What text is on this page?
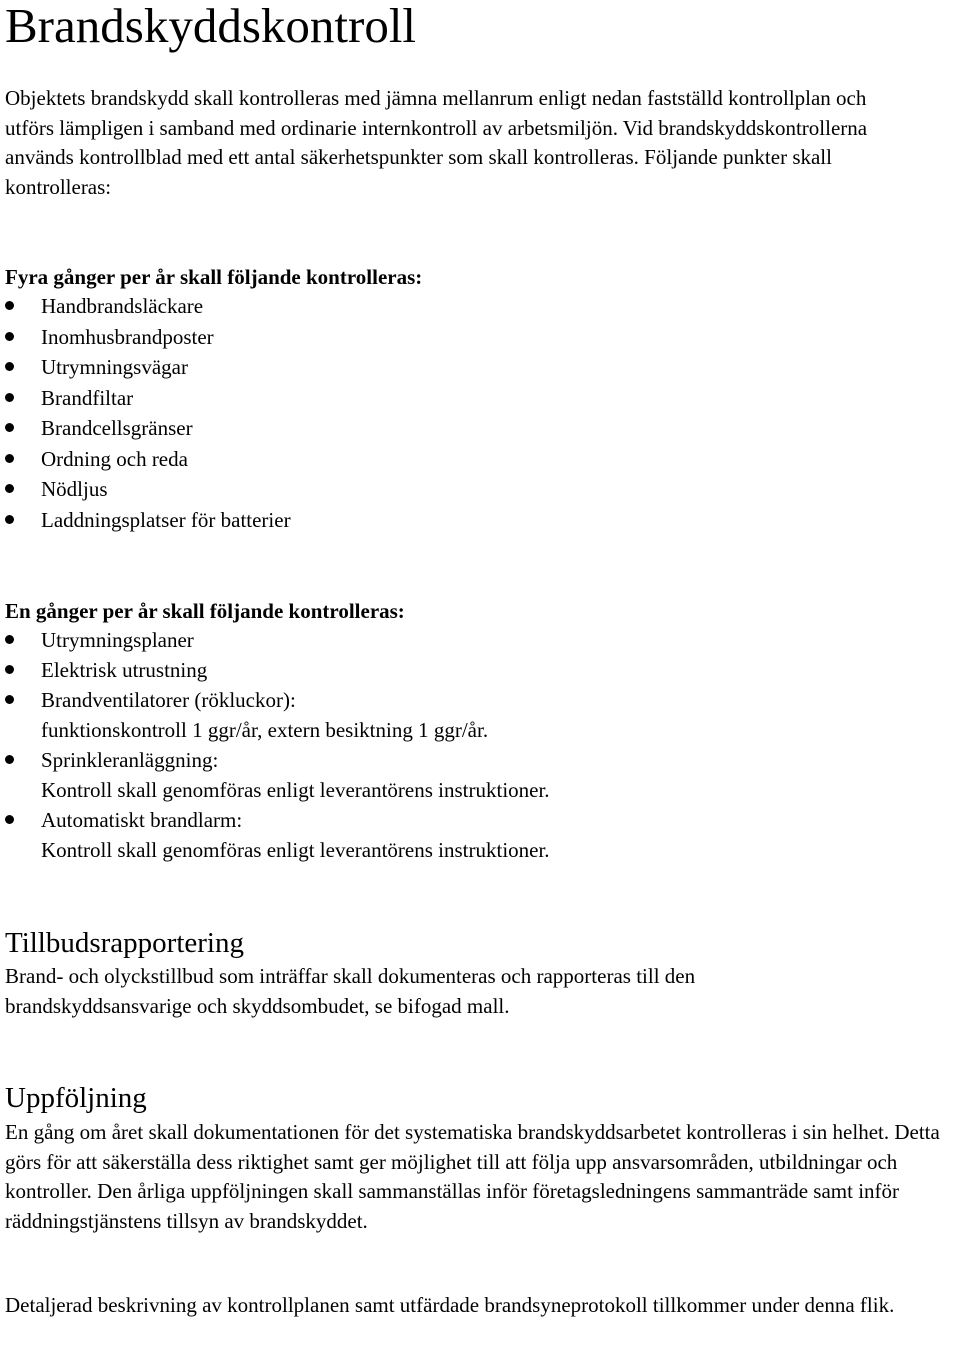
Brandskyddskontroll

Objektets brandskydd skall kontrolleras med jämna mellanrum enligt nedan fastställd kontrollplan och utförs lämpligen i samband med ordinarie internkontroll av arbetsmiljön. Vid brandskyddskontrollerna används kontrollblad med ett antal säkerhetspunkter som skall kontrolleras. Följande punkter skall kontrolleras:

Fyra gånger per år skall följande kontrolleras:

Handbrandsläckare
Inomhusbrandposter
Utrymningsvägar
Brandfiltar
Brandcellsgränser
Ordning och reda
Nödljus
Laddningsplatser för batterier

En gånger per år skall följande kontrolleras:

Utrymningsplaner
Elektrisk utrustning
Brandventilatorer (rökluckor):
funktionskontroll 1 ggr/år, extern besiktning 1 ggr/år.
Sprinkleranläggning:
Kontroll skall genomföras enligt leverantörens instruktioner.
Automatiskt brandlarm:
Kontroll skall genomföras enligt leverantörens instruktioner.
Tillbudsrapportering

Brand- och olyckstillbud som inträffar skall dokumenteras och rapporteras till den brandskyddsansvarige och skyddsombudet, se bifogad mall.

Uppföljning

En gång om året skall dokumentationen för det systematiska brandskyddsarbetet kontrolleras i sin helhet. Detta görs för att säkerställa dess riktighet samt ger möjlighet till att följa upp ansvarsområden, utbildningar och kontroller. Den årliga uppföljningen skall sammanställas inför företagsledningens sammanträde samt inför räddningstjänstens tillsyn av brandskyddet.

Detaljerad beskrivning av kontrollplanen samt utfärdade brandsyneprotokoll tillkommer under denna flik.
